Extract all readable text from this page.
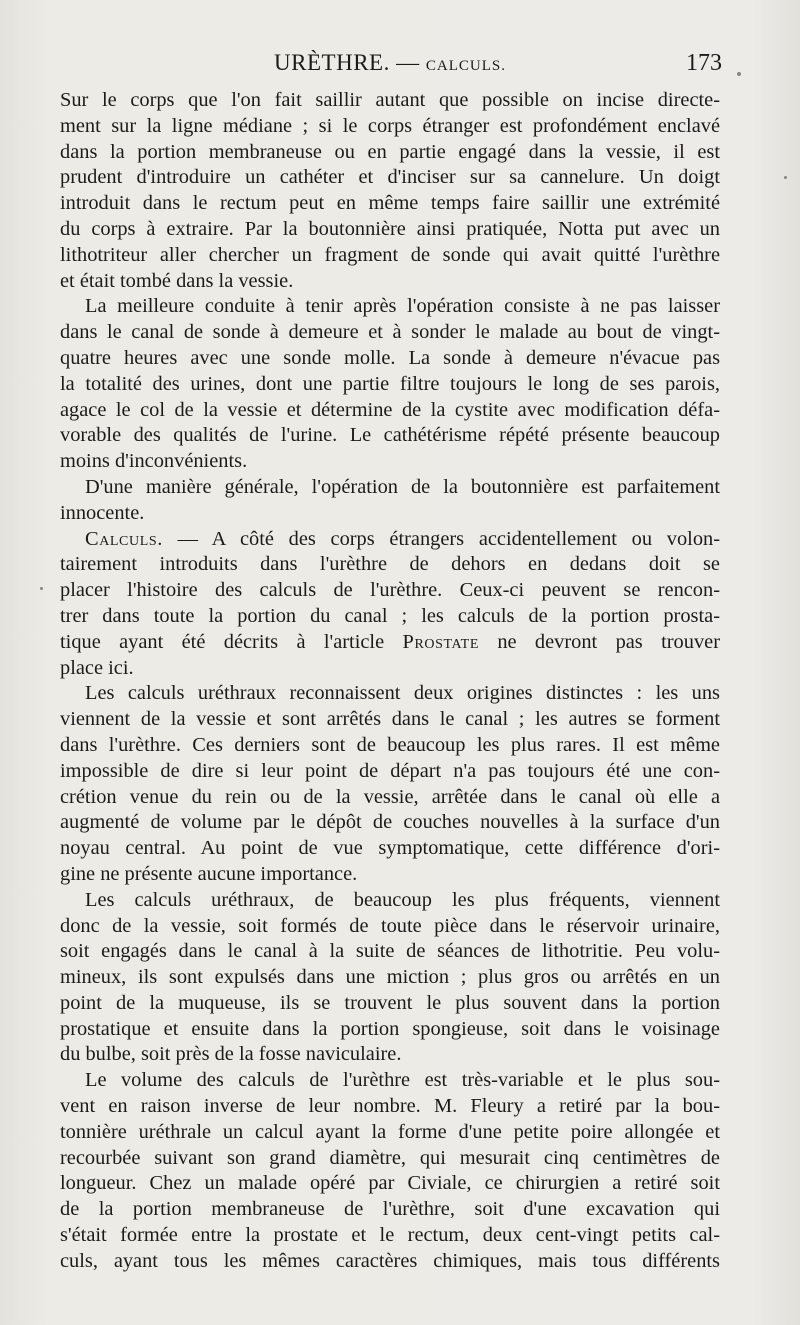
URÈTHRE. — CALCULS.	173
Sur le corps que l'on fait saillir autant que possible on incise directe-
ment sur la ligne médiane ; si le corps étranger est profondément enclavé
dans la portion membraneuse ou en partie engagé dans la vessie, il est
prudent d'introduire un cathéter et d'inciser sur sa cannelure. Un doigt
introduit dans le rectum peut en même temps faire saillir une extrémité
du corps à extraire. Par la boutonnière ainsi pratiquée, Notta put avec un
lithotriteur aller chercher un fragment de sonde qui avait quitté l'urèthre
et était tombé dans la vessie.
La meilleure conduite à tenir après l'opération consiste à ne pas laisser
dans le canal de sonde à demeure et à sonder le malade au bout de vingt-
quatre heures avec une sonde molle. La sonde à demeure n'évacue pas
la totalité des urines, dont une partie filtre toujours le long de ses parois,
agace le col de la vessie et détermine de la cystite avec modification défa-
vorable des qualités de l'urine. Le cathétérisme répété présente beaucoup
moins d'inconvénients.
D'une manière générale, l'opération de la boutonnière est parfaitement
innocente.
Calculs. — A côté des corps étrangers accidentellement ou volon-
tairement introduits dans l'urèthre de dehors en dedans doit se
placer l'histoire des calculs de l'urèthre. Ceux-ci peuvent se rencon-
trer dans toute la portion du canal ; les calculs de la portion prosta-
tique ayant été décrits à l'article Prostate ne devront pas trouver
place ici.
Les calculs uréthraux reconnaissent deux origines distinctes : les uns
viennent de la vessie et sont arrêtés dans le canal ; les autres se forment
dans l'urèthre. Ces derniers sont de beaucoup les plus rares. Il est même
impossible de dire si leur point de départ n'a pas toujours été une con-
crétion venue du rein ou de la vessie, arrêtée dans le canal où elle a
augmenté de volume par le dépôt de couches nouvelles à la surface d'un
noyau central. Au point de vue symptomatique, cette différence d'ori-
gine ne présente aucune importance.
Les calculs uréthraux, de beaucoup les plus fréquents, viennent
donc de la vessie, soit formés de toute pièce dans le réservoir urinaire,
soit engagés dans le canal à la suite de séances de lithotritie. Peu volu-
mineux, ils sont expulsés dans une miction ; plus gros ou arrêtés en un
point de la muqueuse, ils se trouvent le plus souvent dans la portion
prostatique et ensuite dans la portion spongieuse, soit dans le voisinage
du bulbe, soit près de la fosse naviculaire.
Le volume des calculs de l'urèthre est très-variable et le plus sou-
vent en raison inverse de leur nombre. M. Fleury a retiré par la bou-
tonnière uréthrale un calcul ayant la forme d'une petite poire allongée et
recourbée suivant son grand diamètre, qui mesurait cinq centimètres de
longueur. Chez un malade opéré par Civiale, ce chirurgien a retiré soit
de la portion membraneuse de l'urèthre, soit d'une excavation qui
s'était formée entre la prostate et le rectum, deux cent-vingt petits cal-
culs, ayant tous les mêmes caractères chimiques, mais tous différents
